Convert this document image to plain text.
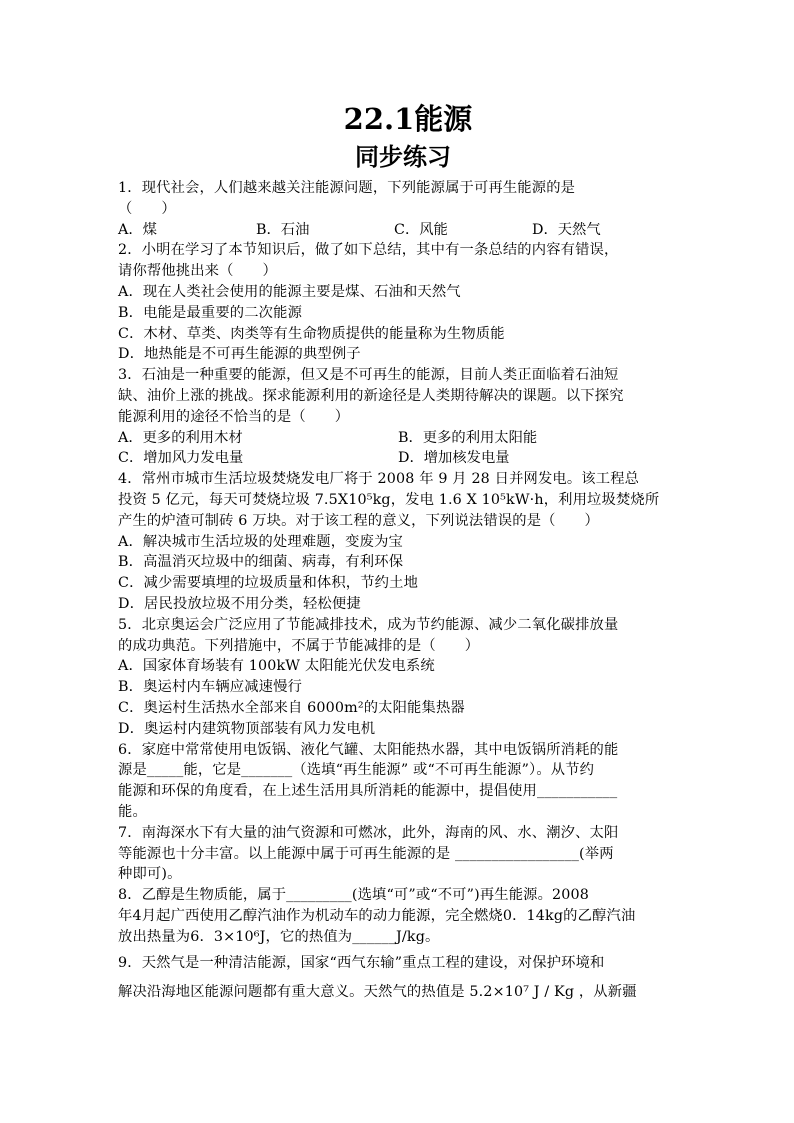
22.1能源
同步练习
1．现代社会，人们越来越关注能源问题，下列能源属于可再生能源的是
（　　）
A．煤	B．石油	C．风能	D．天然气
2．小明在学习了本节知识后，做了如下总结，其中有一条总结的内容有错误，
请你帮他挑出来（　　）
A．现在人类社会使用的能源主要是煤、石油和天然气
B．电能是最重要的二次能源
C．木材、草类、肉类等有生命物质提供的能量称为生物质能
D．地热能是不可再生能源的典型例子
3．石油是一种重要的能源，但又是不可再生的能源，目前人类正面临着石油短
缺、油价上涨的挑战。探求能源利用的新途径是人类期待解决的课题。以下探究
能源利用的途径不恰当的是（　　）
A．更多的利用木材	B．更多的利用太阳能
C．增加风力发电量	D．增加核发电量
4．常州市城市生活垃圾焚烧发电厂将于 2008 年 9 月 28 日并网发电。该工程总
投资 5 亿元，每天可焚烧垃圾 7.5X10⁵kg，发电 1.6 X 10⁵kW·h，利用垃圾焚烧所
产生的炉渣可制砖 6 万块。对于该工程的意义，下列说法错误的是（　　）
A．解决城市生活垃圾的处理难题，变废为宝
B．高温消灭垃圾中的细菌、病毒，有利环保
C．减少需要填埋的垃圾质量和体积，节约土地
D．居民投放垃圾不用分类，轻松便捷
5．北京奥运会广泛应用了节能减排技术，成为节约能源、减少二氧化碳排放量
的成功典范。下列措施中，不属于节能减排的是（　　）
A．国家体育场装有 100kW 太阳能光伏发电系统
B．奥运村内车辆应减速慢行
C．奥运村生活热水全部来自 6000m²的太阳能集热器
D．奥运村内建筑物顶部装有风力发电机
6．家庭中常常使用电饭锅、液化气罐、太阳能热水器，其中电饭锅所消耗的能
源是_____能，它是_______（选填“再生能源” 或“不可再生能源”）。从节约
能源和环保的角度看，在上述生活用具所消耗的能源中，提倡使用___________
能。
7．南海深水下有大量的油气资源和可燃冰，此外，海南的风、水、潮汐、太阳
等能源也十分丰富。以上能源中属于可再生能源的是 _________________(举两
种即可)。
8．乙醇是生物质能，属于_________(选填“可”或“不可”)再生能源。2008
年4月起广西使用乙醇汽油作为机动车的动力能源，完全燃烧0．14kg的乙醇汽油
放出热量为6．3×10⁶J，它的热值为______J/kg。
9．天然气是一种清洁能源，国家“西气东输”重点工程的建设，对保护环境和
解决沿海地区能源问题都有重大意义。天然气的热值是 5.2×10⁷ J / Kg ，从新疆
